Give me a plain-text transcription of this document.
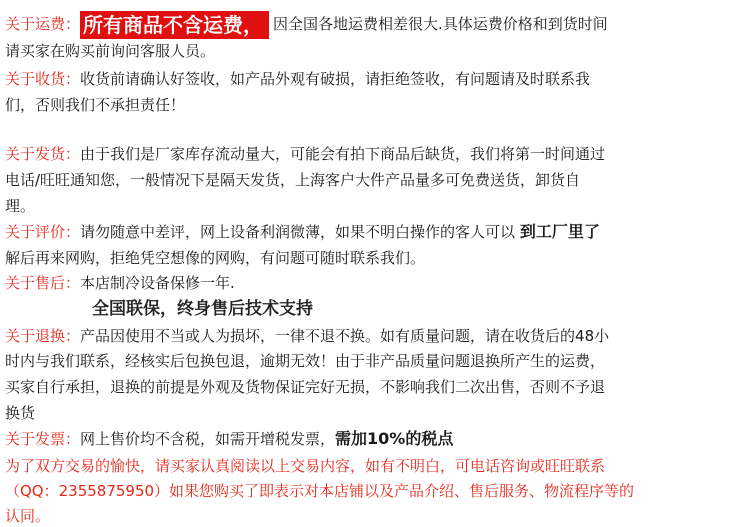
关于运费： 所有商品不含运费， 因全国各地运费相差很大.具体运费价格和到货时间
请买家在购买前询问客服人员。
关于收货：收货前请确认好签收，如产品外观有破损，请拒绝签收，有问题请及时联系我
们，否则我们不承担责任！
关于发货：由于我们是厂家库存流动量大，可能会有拍下商品后缺货，我们将第一时间通过
电话/旺旺通知您，一般情况下是隔天发货，上海客户大件产品量多可免费送货，卸货自
理。
关于评价：请勿随意中差评，网上设备利润微薄，如果不明白操作的客人可以 到工厂里了
解后再来网购，拒绝凭空想像的网购，有问题可随时联系我们。
关于售后：本店制冷设备保修一年.
全国联保，终身售后技术支持
关于退换：产品因使用不当或人为损坏，一律不退不换。如有质量问题，请在收货后的48小
时内与我们联系，经核实后包换包退，逾期无效！由于非产品质量问题退换所产生的运费，
买家自行承担，退换的前提是外观及货物保证完好无损，不影响我们二次出售，否则不予退
换货
关于发票：网上售价均不含税，如需开增税发票，需加10%的税点
为了双方交易的愉快，请买家认真阅读以上交易内容，如有不明白，可电话咨询或旺旺联系
（QQ：2355875950）如果您购买了即表示对本店铺以及产品介绍、售后服务、物流程序等的
认同。
